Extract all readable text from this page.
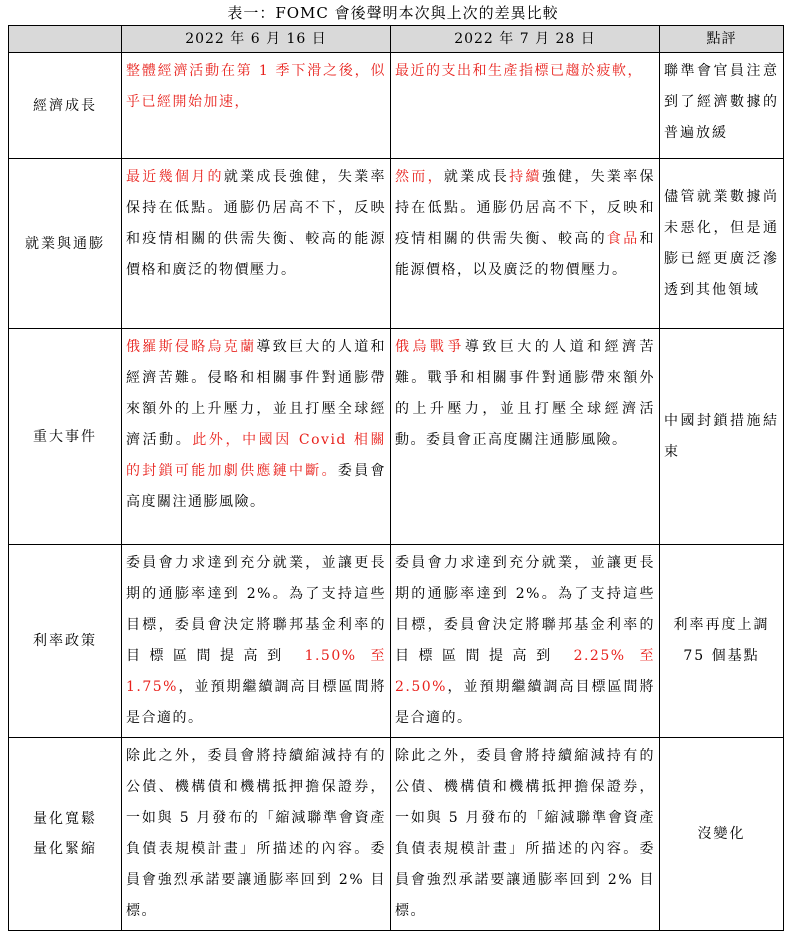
表一：FOMC 會後聲明本次與上次的差異比較
	2022 年 6 月 16 日	2022 年 7 月 28 日	點評
經濟成長	整體經濟活動在第 1 季下滑之後，似乎已經開始加速，	最近的支出和生產指標已趨於疲軟，	聯準會官員注意到了經濟數據的普遍放緩
就業與通膨	最近幾個月的就業成長強健，失業率保持在低點。通膨仍居高不下，反映和疫情相關的供需失衡、較高的能源價格和廣泛的物價壓力。	然而，就業成長持續強健，失業率保持在低點。通膨仍居高不下，反映和疫情相關的供需失衡、較高的食品和能源價格，以及廣泛的物價壓力。	儘管就業數據尚未惡化，但是通膨已經更廣泛滲透到其他領域
重大事件	俄羅斯侵略烏克蘭導致巨大的人道和經濟苦難。侵略和相關事件對通膨帶來額外的上升壓力，並且打壓全球經濟活動。此外，中國因 Covid 相關的封鎖可能加劇供應鏈中斷。委員會高度關注通膨風險。	俄烏戰爭導致巨大的人道和經濟苦難。戰爭和相關事件對通膨帶來額外的上升壓力，並且打壓全球經濟活動。委員會正高度關注通膨風險。	中國封鎖措施結束
利率政策	委員會力求達到充分就業，並讓更長期的通膨率達到 2%。為了支持這些目標，委員會決定將聯邦基金利率的目標區間提高到 1.50% 至 1.75%，並預期繼續調高目標區間將是合適的。	委員會力求達到充分就業，並讓更長期的通膨率達到 2%。為了支持這些目標，委員會決定將聯邦基金利率的目標區間提高到 2.25% 至 2.50%，並預期繼續調高目標區間將是合適的。	利率再度上調 75 個基點
量化寬鬆
量化緊縮	除此之外，委員會將持續縮減持有的公債、機構債和機構抵押擔保證券，一如與 5 月發布的「縮減聯準會資產負債表規模計畫」所描述的內容。委員會強烈承諾要讓通膨率回到 2% 目標。	除此之外，委員會將持續縮減持有的公債、機構債和機構抵押擔保證券，一如與 5 月發布的「縮減聯準會資產負債表規模計畫」所描述的內容。委員會強烈承諾要讓通膨率回到 2% 目標。	沒變化
